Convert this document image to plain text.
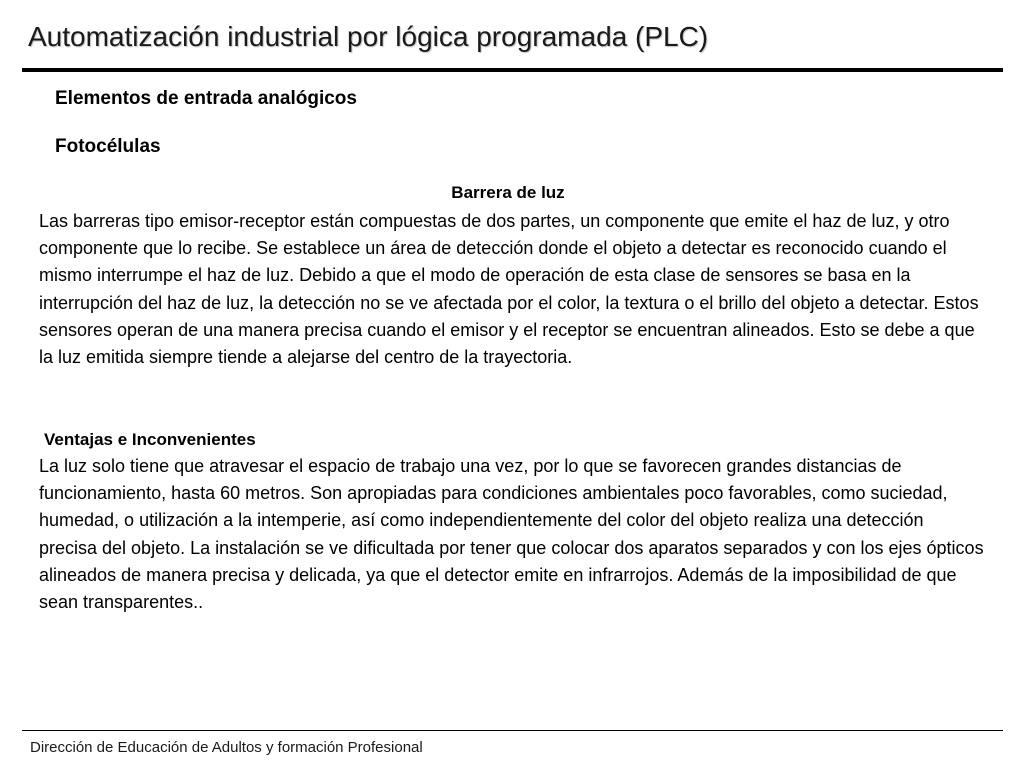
Automatización industrial por lógica programada (PLC)
Elementos de entrada analógicos
Fotocélulas
Barrera de luz

Las barreras tipo emisor-receptor están compuestas de dos partes, un componente que emite el haz de luz, y otro componente que lo recibe. Se establece un área de detección donde el objeto a detectar es reconocido cuando el mismo interrumpe el haz de luz. Debido a que el modo de operación de esta clase de sensores se basa en la interrupción del haz de luz, la detección no se ve afectada por el color, la textura o el brillo del objeto a detectar. Estos sensores operan de una manera precisa cuando el emisor y el receptor se encuentran alineados. Esto se debe a que la luz emitida siempre tiende a alejarse del centro de la trayectoria.

Ventajas e Inconvenientes

La luz solo tiene que atravesar el espacio de trabajo una vez, por lo que se favorecen grandes distancias de funcionamiento, hasta 60 metros. Son apropiadas para condiciones ambientales poco favorables, como suciedad, humedad, o utilización a la intemperie, así como independientemente del color del objeto realiza una detección precisa del objeto. La instalación se ve dificultada por tener que colocar dos aparatos separados y con los ejes ópticos alineados de manera precisa y delicada, ya que el detector emite en infrarrojos. Además de la imposibilidad de que sean transparentes..

Dirección de Educación de Adultos y formación Profesional
